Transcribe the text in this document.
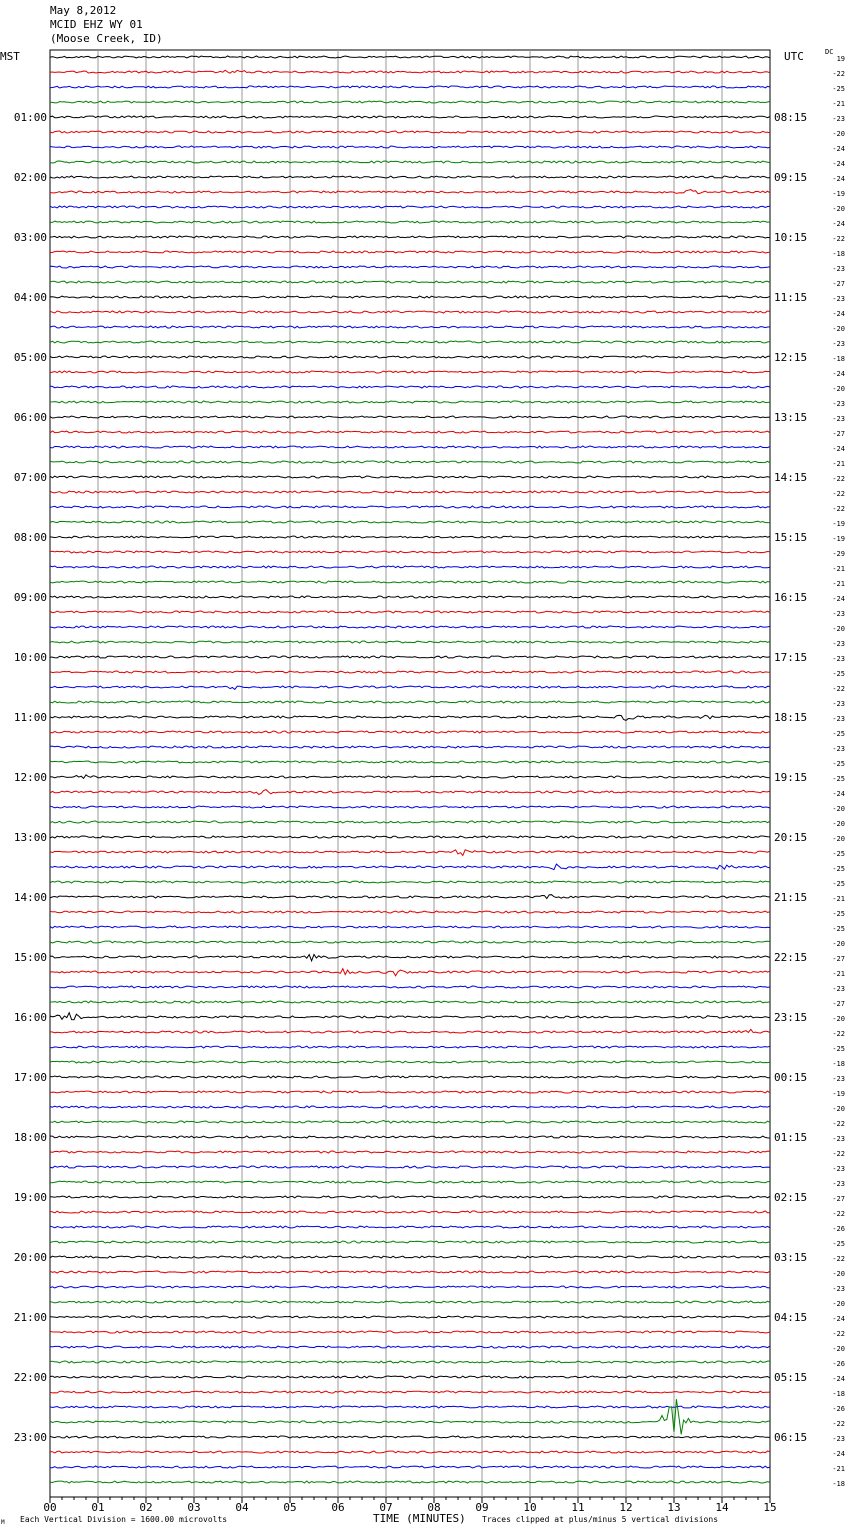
May 8,2012
MCID EHZ WY 01
(Moose Creek, ID)
MST	UTC	DC
00	01	02	03	04	05	06	07	08	09	10	11	12	13	14	15
01:00
02:00
03:00
04:00
05:00
06:00
07:00
08:00
09:00
10:00
11:00
12:00
13:00
14:00
15:00
16:00
17:00
18:00
19:00
20:00
21:00
22:00
23:00
08:15
09:15
10:15
11:15
12:15
13:15
14:15
15:15
16:15
17:15
18:15
19:15
20:15
21:15
22:15
23:15
00:15
01:15
02:15
03:15
04:15
05:15
06:15
19
-22
-25
-21
-23
-20
-24
-24
-24
-19
-20
-24
-22
-18
-23
-27
-23
-24
-20
-23
-18
-24
-20
-23
-23
-27
-24
-21
-22
-22
-22
-19
-19
-29
-21
-21
-24
-23
-20
-23
-23
-25
-22
-23
-23
-25
-23
-25
-25
-24
-20
-20
-20
-25
-25
-25
-21
-25
-25
-20
-27
-21
-23
-27
-20
-22
-25
-18
-23
-19
-20
-22
-23
-22
-23
-23
-27
-22
-26
-25
-22
-20
-23
-20
-24
-22
-20
-26
-24
-18
-26
-22
-23
-24
-21
-18
M Each Vertical Division = 1600.00 microvolts	TIME (MINUTES) Traces clipped at plus/minus 5 vertical divisions
